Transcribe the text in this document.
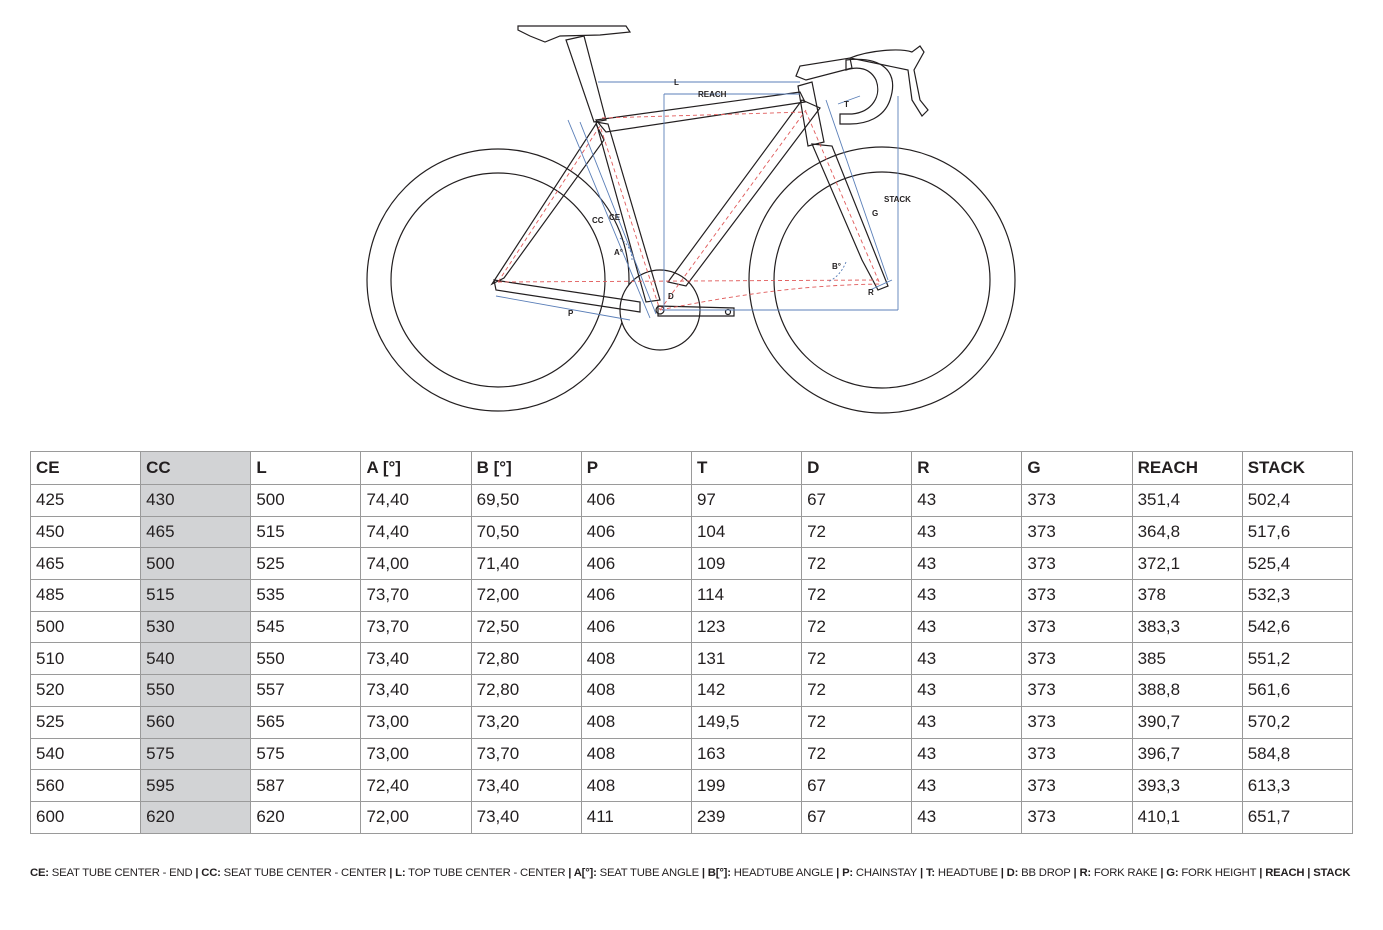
L
REACH
T
STACK
G
CC CE
A°
B°
D
P
R
CE	CC	L	A [°]	B [°]	P	T	D	R	G	REACH	STACK
425	430	500	74,40	69,50	406	97	67	43	373	351,4	502,4
450	465	515	74,40	70,50	406	104	72	43	373	364,8	517,6
465	500	525	74,00	71,40	406	109	72	43	373	372,1	525,4
485	515	535	73,70	72,00	406	114	72	43	373	378	532,3
500	530	545	73,70	72,50	406	123	72	43	373	383,3	542,6
510	540	550	73,40	72,80	408	131	72	43	373	385	551,2
520	550	557	73,40	72,80	408	142	72	43	373	388,8	561,6
525	560	565	73,00	73,20	408	149,5	72	43	373	390,7	570,2
540	575	575	73,00	73,70	408	163	72	43	373	396,7	584,8
560	595	587	72,40	73,40	408	199	67	43	373	393,3	613,3
600	620	620	72,00	73,40	411	239	67	43	373	410,1	651,7
CE: SEAT TUBE CENTER - END | CC: SEAT TUBE CENTER - CENTER | L: TOP TUBE CENTER - CENTER | A[°]: SEAT TUBE ANGLE | B[°]: HEADTUBE ANGLE | P: CHAINSTAY | T: HEADTUBE | D: BB DROP | R: FORK RAKE | G: FORK HEIGHT | REACH | STACK
